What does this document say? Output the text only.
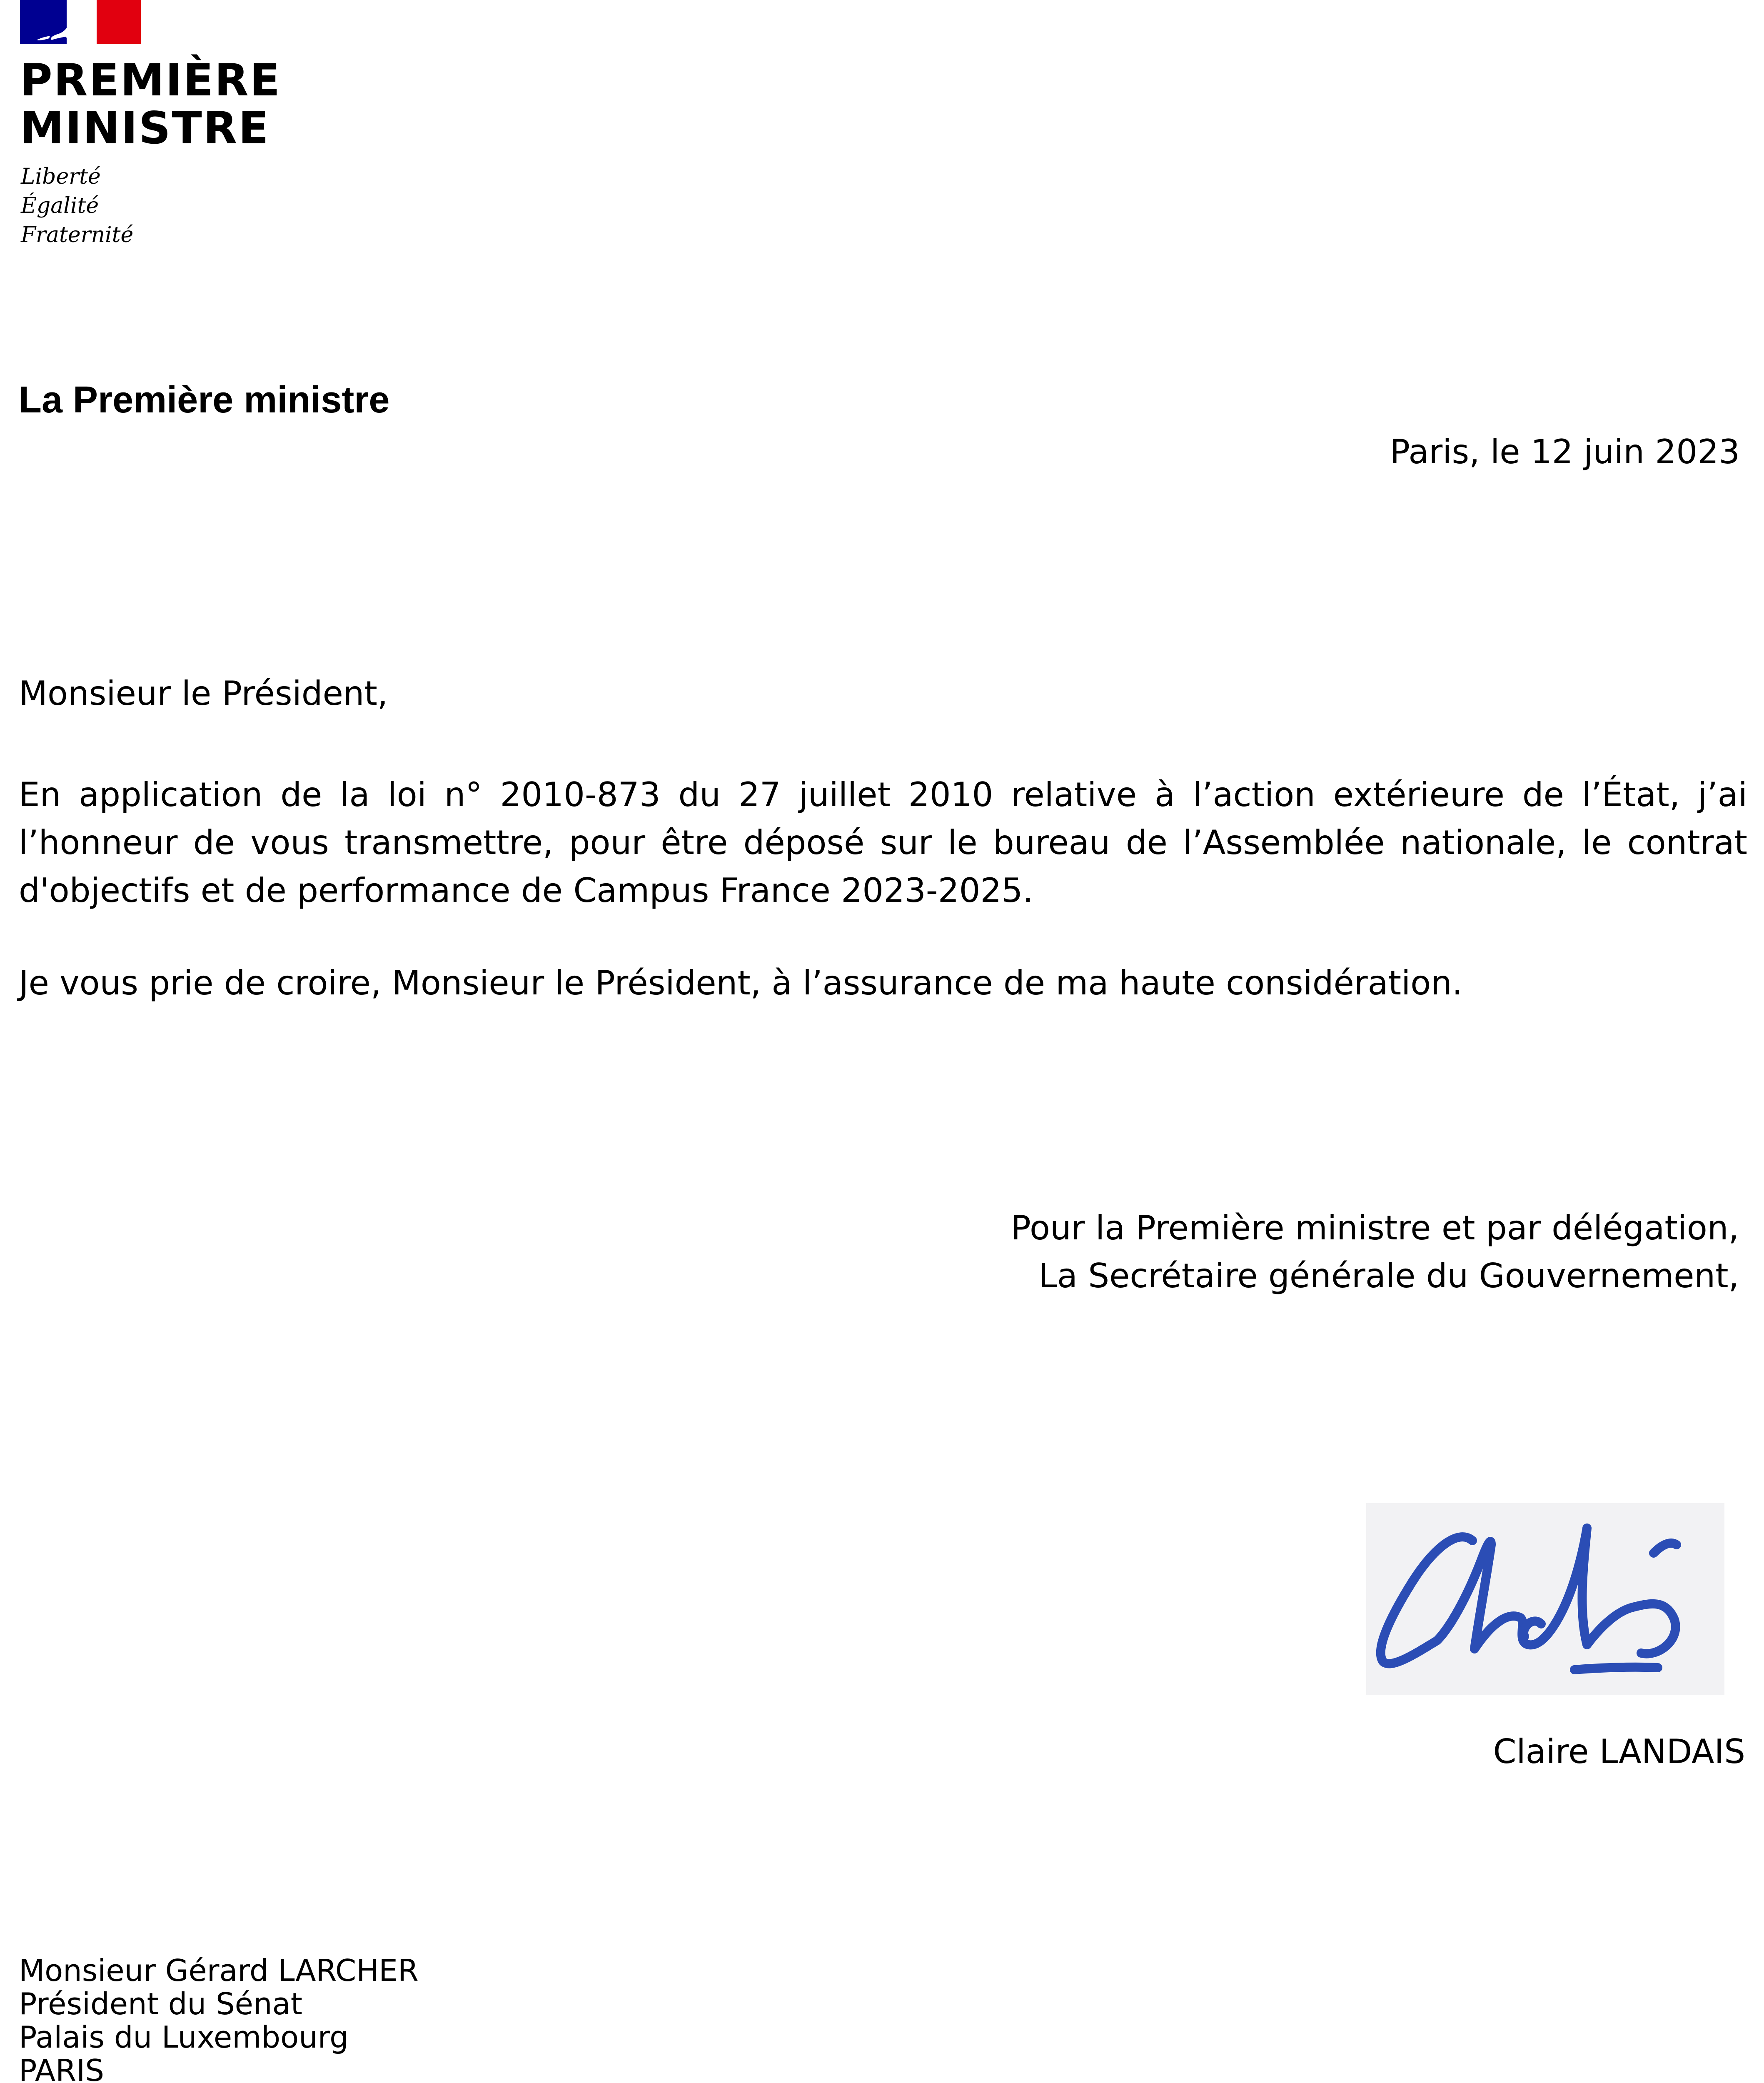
PREMIÈRE
MINISTRE
Liberté
Égalité
Fraternité
La Première ministre
Paris, le 12 juin 2023
Monsieur le Président,
En application de la loi n° 2010-873 du 27 juillet 2010 relative à l’action extérieure de l’État, j’ai l’honneur de vous transmettre, pour être déposé sur le bureau de l’Assemblée nationale, le contrat d'objectifs et de performance de Campus France 2023-2025.
Je vous prie de croire, Monsieur le Président, à l’assurance de ma haute considération.
Pour la Première ministre et par délégation,
La Secrétaire générale du Gouvernement,
Claire LANDAIS
Monsieur Gérard LARCHER
Président du Sénat
Palais du Luxembourg
PARIS
